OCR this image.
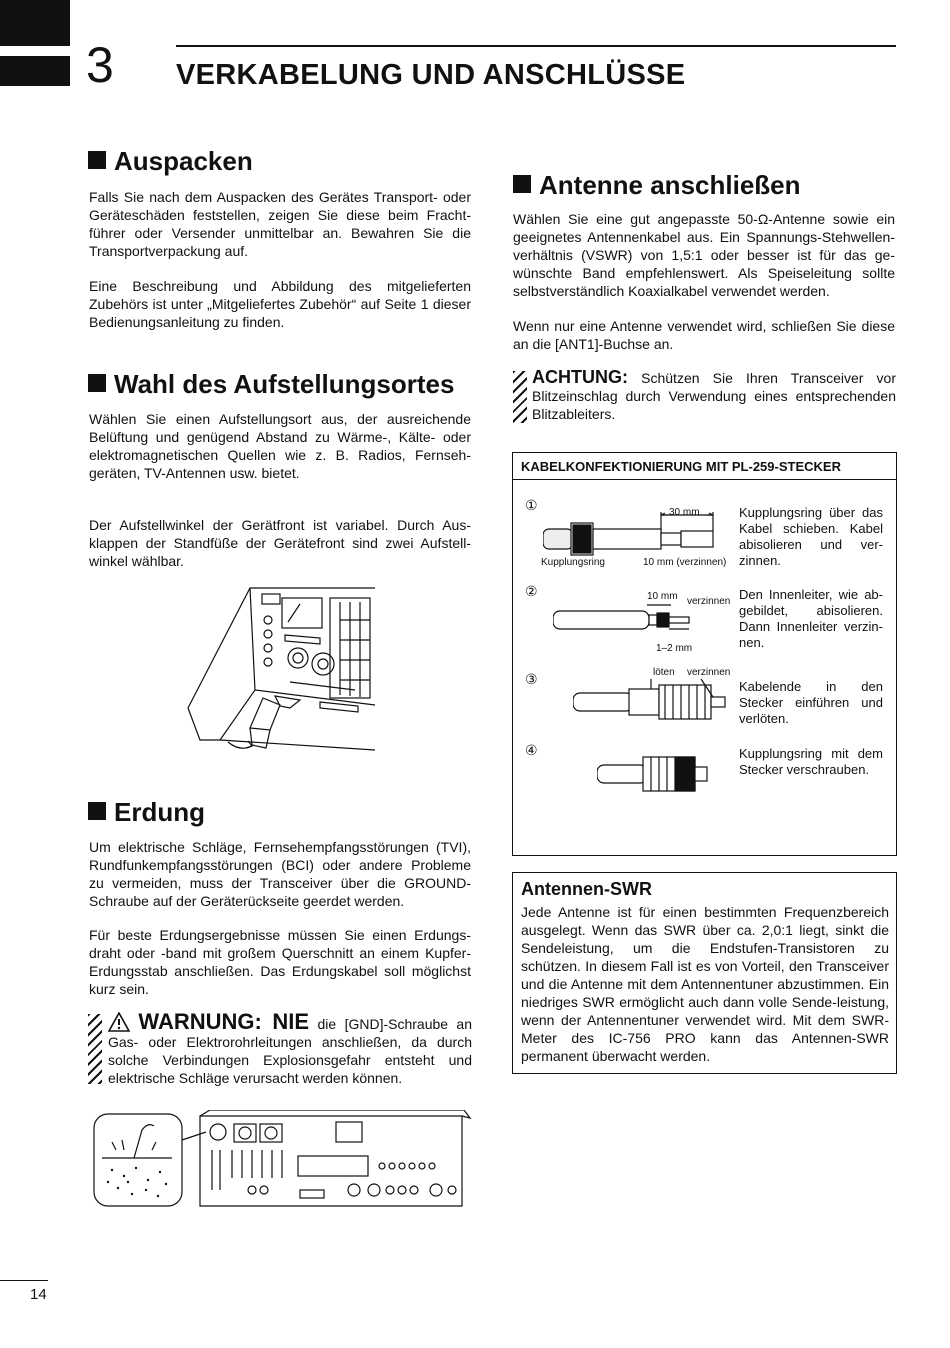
3 VERKABELUNG UND ANSCHLÜSSE
Auspacken

Falls Sie nach dem Auspacken des Gerätes Transport- oder Geräteschäden feststellen, zeigen Sie diese beim Fracht-führer oder Versender unmittelbar an. Bewahren Sie die Transportverpackung auf.

Eine Beschreibung und Abbildung des mitgelieferten Zubehörs ist unter „Mitgeliefertes Zubehör“ auf Seite 1 dieser Bedienungsanleitung zu finden.

Wahl des Aufstellungsortes

Wählen Sie einen Aufstellungsort aus, der ausreichende Belüftung und genügend Abstand zu Wärme-, Kälte- oder elektromagnetischen Quellen wie z. B. Radios, Fernseh-geräten, TV-Antennen usw. bietet.

Der Aufstellwinkel der Gerätfront ist variabel. Durch Aus-klappen der Standfüße der Gerätefront sind zwei Aufstell-winkel wählbar.

Erdung

Um elektrische Schläge, Fernsehempfangsstörungen (TVI), Rundfunkempfangsstörungen (BCI) oder andere Probleme zu vermeiden, muss der Transceiver über die GROUND-Schraube auf der Geräterückseite geerdet werden.

Für beste Erdungsergebnisse müssen Sie einen Erdungs-draht oder -band mit großem Querschnitt an einem Kupfer-Erdungsstab anschließen. Das Erdungskabel soll möglichst kurz sein.

WARNUNG: NIE die [GND]-Schraube an Gas- oder Elektrorohrleitungen anschließen, da durch solche Verbindungen Explosionsgefahr entsteht und elektrische Schläge verursacht werden können.

Antenne anschließen

Wählen Sie eine gut angepasste 50-Ω-Antenne sowie ein geeignetes Antennenkabel aus. Ein Spannungs-Stehwellen-verhältnis (VSWR) von 1,5:1 oder besser ist für das ge-wünschte Band empfehlenswert. Als Speiseleitung sollte selbstverständlich Koaxialkabel verwendet werden.

Wenn nur eine Antenne verwendet wird, schließen Sie diese an die [ANT1]-Buchse an.

ACHTUNG: Schützen Sie Ihren Transceiver vor Blitzeinschlag durch Verwendung eines entsprechenden Blitzableiters.

KABELKONFEKTIONIERUNG MIT PL-259-STECKER
①
②
③
④

Kupplungsring über das Kabel schieben. Kabel abisolieren und ver-zinnen.

Den Innenleiter, wie ab-gebildet, abisolieren. Dann Innenleiter verzin-nen.

Kabelende in den Stecker einführen und verlöten.

Kupplungsring mit dem Stecker verschrauben.

30 mm
Kupplungsring	10 mm (verzinnen)
10 mm verzinnen
1–2 mm
löten verzinnen
Antennen-SWR

Jede Antenne ist für einen bestimmten Frequenzbereich ausgelegt. Wenn das SWR über ca. 2,0:1 liegt, sinkt die Sendeleistung, um die Endstufen-Transistoren zu schützen. In diesem Fall ist es von Vorteil, den Transceiver und die Antenne mit dem Antennentuner abzustimmen. Ein niedriges SWR ermöglicht auch dann volle Sende-leistung, wenn der Antennentuner verwendet wird. Mit dem SWR-Meter des IC-756 PRO kann das Antennen-SWR permanent überwacht werden.

14
